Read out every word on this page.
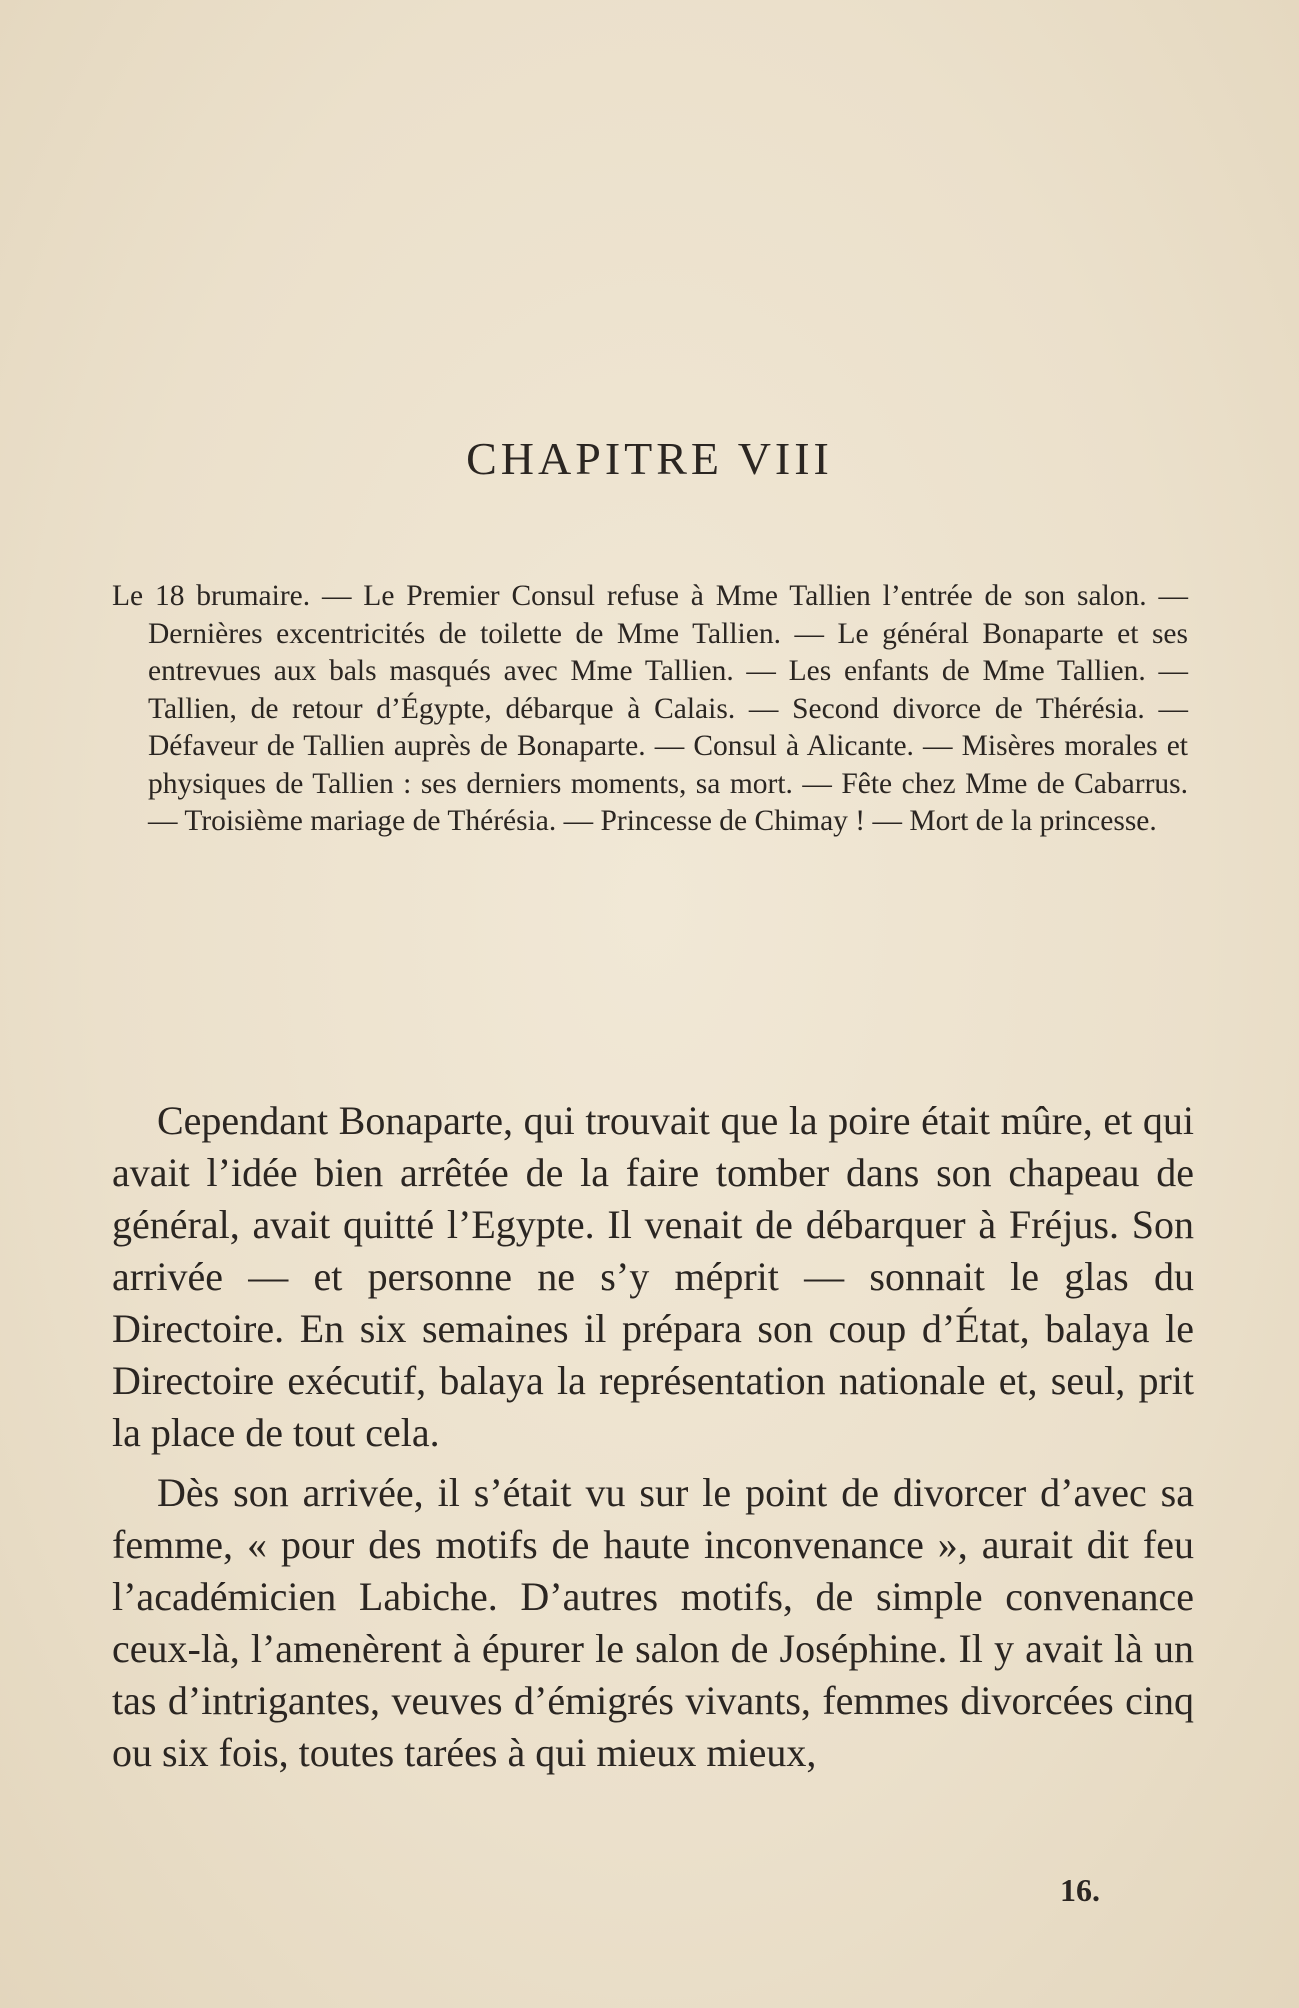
CHAPITRE VIII

Le 18 brumaire. — Le Premier Consul refuse à Mme Tallien l’entrée de son salon. — Dernières excentricités de toilette de Mme Tallien. — Le général Bonaparte et ses entrevues aux bals masqués avec Mme Tallien. — Les enfants de Mme Tallien. — Tallien, de retour d’Égypte, débarque à Calais. — Second divorce de Thérésia. — Défaveur de Tallien auprès de Bonaparte. — Consul à Alicante. — Misères morales et physiques de Tallien : ses derniers moments, sa mort. — Fête chez Mme de Cabarrus. — Troisième mariage de Thérésia. — Princesse de Chimay ! — Mort de la princesse.

Cependant Bonaparte, qui trouvait que la poire était mûre, et qui avait l’idée bien arrêtée de la faire tomber dans son chapeau de général, avait quitté l’Egypte. Il venait de débarquer à Fréjus. Son arrivée — et personne ne s’y méprit — sonnait le glas du Directoire. En six semaines il prépara son coup d’État, balaya le Directoire exécutif, balaya la représentation nationale et, seul, prit la place de tout cela.

Dès son arrivée, il s’était vu sur le point de divorcer d’avec sa femme, « pour des motifs de haute inconvenance », aurait dit feu l’académicien Labiche. D’autres motifs, de simple convenance ceux-là, l’amenèrent à épurer le salon de Joséphine. Il y avait là un tas d’intrigantes, veuves d’émigrés vivants, femmes divorcées cinq ou six fois, toutes tarées à qui mieux mieux,

16.
